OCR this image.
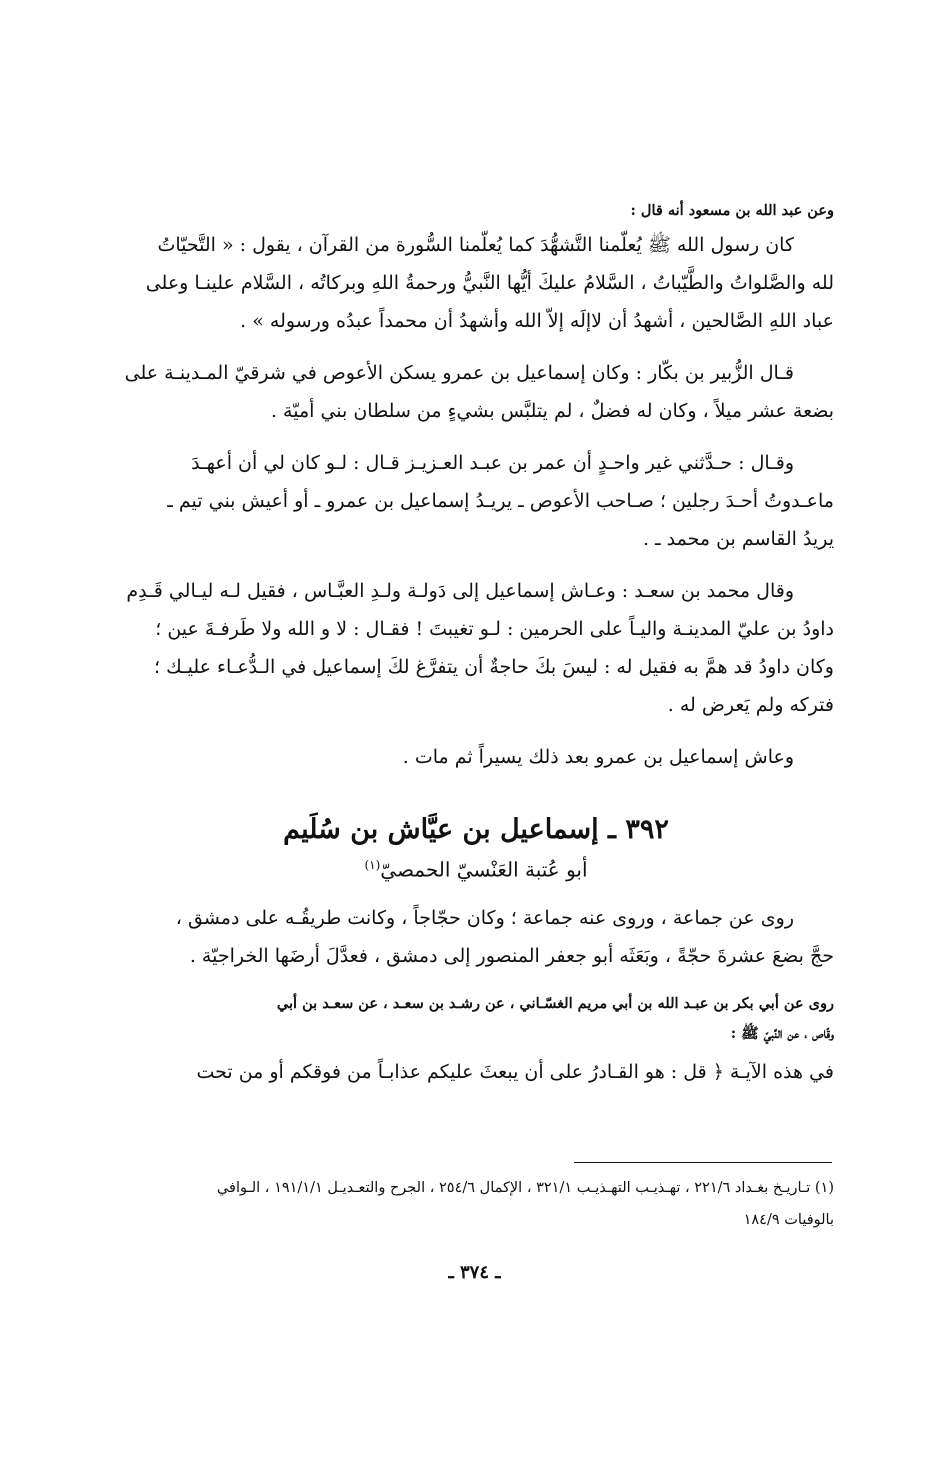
وعن عبد الله بن مسعود أنه قال :
كان رسول الله ﷺ يُعلّمنا التَّشهُّدَ كما يُعلّمنا السُّورة من القرآن ، يقول : « التَّحيّاتُ
لله والصَّلواتُ والطَّيّباتُ ، السَّلامُ عليكَ أيُّها النَّبيُّ ورحمةُ اللهِ وبركاتُه ، السَّلام علينـا وعلى
عباد اللهِ الصَّالحين ، أشهدُ أن لاإلَه إلاّ الله وأشهدُ أن محمداً عبدُه ورسوله » .
قـال الزُّبير بن بكّار : وكان إسماعيل بن عمرو يسكن الأعوص في شرقيّ المـدينـة على
بضعة عشر ميلاً ، وكان له فضلٌ ، لم يتلبَّس بشيءٍ من سلطان بني أميّة .
وقـال : حـدَّثني غير واحـدٍ أن عمر بن عبـد العـزيـز قـال : لـو كان لي أن أعهـدَ
ماعـدوتُ أحـدَ رجلين ؛ صـاحب الأعوص ـ يريـدُ إسماعيل بن عمرو ـ أو أعيش بني تيم ـ
يريدُ القاسم بن محمد ـ .
وقال محمد بن سعـد : وعـاش إسماعيل إلى دَولـة ولـدِ العبَّـاس ، فقيل لـه ليـالي قَـدِم
داودُ بن عليّ المدينـة واليـاً على الحرمين : لـو تغيبتَ ! فقـال : لا و الله ولا طَرفـةَ عين ؛
وكان داودُ قد همَّ به فقيل له : ليسَ بكَ حاجةٌ أن يتفرَّغ لكَ إسماعيل في الـدُّعـاء عليـك ؛
فتركه ولم يَعرض له .
وعاش إسماعيل بن عمرو بعد ذلك يسيراً ثم مات .
٣٩٢ ـ إسماعيل بن عيَّاش بن سُلَيم
أبو عُتبة العَنْسيّ الحمصيّ$^{(١)}$
روى عن جماعة ، وروى عنه جماعة ؛ وكان حجّاجاً ، وكانت طريقُـه على دمشق ،
حجَّ بضعَ عشرةَ حجّةً ، وبَعَثَه أبو جعفر المنصور إلى دمشق ، فعدَّلَ أرضَها الخراجيّة .
روى عن أبي بكر بن عبـد الله بن أبي مريم الغسّـاني ، عن رشـد بن سعـد ، عن سعـد بن أبي
وقّاص ، عن النَّبيّ ﷺ :
في هذه الآيـة ﴿ قل : هو القـادرُ على أن يبعثَ عليكم عذابـاً من فوقكم أو من تحت
(١) تـاريـخ بغـداد ٢٢١/٦ ، تهـذيـب التهـذيـب ٣٢١/١ ، الإكمال ٢٥٤/٦ ، الجرح والتعـديـل ١٩١/١/١ ، الـوافي
بالوفيات ١٨٤/٩
ـ ٣٧٤ ـ
